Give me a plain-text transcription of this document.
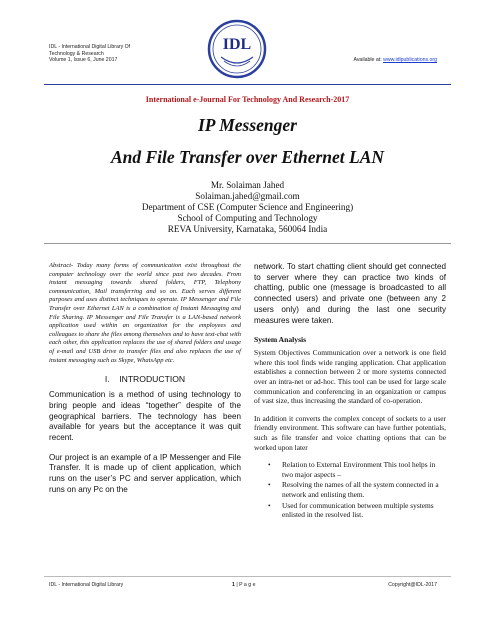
IDL - International Digital Library Of
Technology & Research
Volume 1, Issue 6, June 2017
IDL
Available at: www.idlpublications.org
International e-Journal For Technology And Research-2017
IP Messenger
And File Transfer over Ethernet LAN
Mr. Solaiman Jahed
Solaiman.jahed@gmail.com
Department of CSE (Computer Science and Engineering)
School of Computing and Technology
REVA University, Karnataka, 560064 India

Abstract- Today many forms of communication exist throughout the computer technology over the world since past two decades. From instant messaging towards shared folders, FTP, Telephony communication, Mail transferring and so on. Each serves different purposes and uses distinct techniques to operate. IP Messenger and File Transfer over Ethernet LAN is a combination of Instant Messaging and File Sharing. IP Messenger and File Transfer is a LAN-based network application used within an organization for the employees and colleagues to share the files among themselves and to have text-chat with each other, this application replaces the use of shared folders and usage of e-mail and USB drive to transfer files and also replaces the use of instant messaging such as Skype, WhatsApp etc.

I. INTRODUCTION

Communication is a method of using technology to bring people and ideas “together” despite of the geographical barriers. The technology has been available for years but the acceptance it was quit recent.

Our project is an example of a IP Messenger and File Transfer. It is made up of client application, which runs on the user’s PC and server application, which runs on any Pc on the

network. To start chatting client should get connected to server where they can practice two kinds of chatting, public one (message is broadcasted to all connected users) and private one (between any 2 users only) and during the last one security measures were taken.

System Analysis

System Objectives Communication over a network is one field where this tool finds wide ranging application. Chat application establishes a connection between 2 or more systems connected over an intra-net or ad-hoc. This tool can be used for large scale communication and conferencing in an organization or campus of vast size, thus increasing the standard of co-operation.

In addition it converts the complex concept of sockets to a user friendly environment. This software can have further potentials, such as file transfer and voice chatting options that can be worked upon later

• Relation to External Environment This tool helps in two major aspects –
• Resolving the names of all the system connected in a network and enlisting them.
• Used for communication between multiple systems enlisted in the resolved list.
IDL - International Digital Library	1 | P a g e	Copyright@IDL-2017
